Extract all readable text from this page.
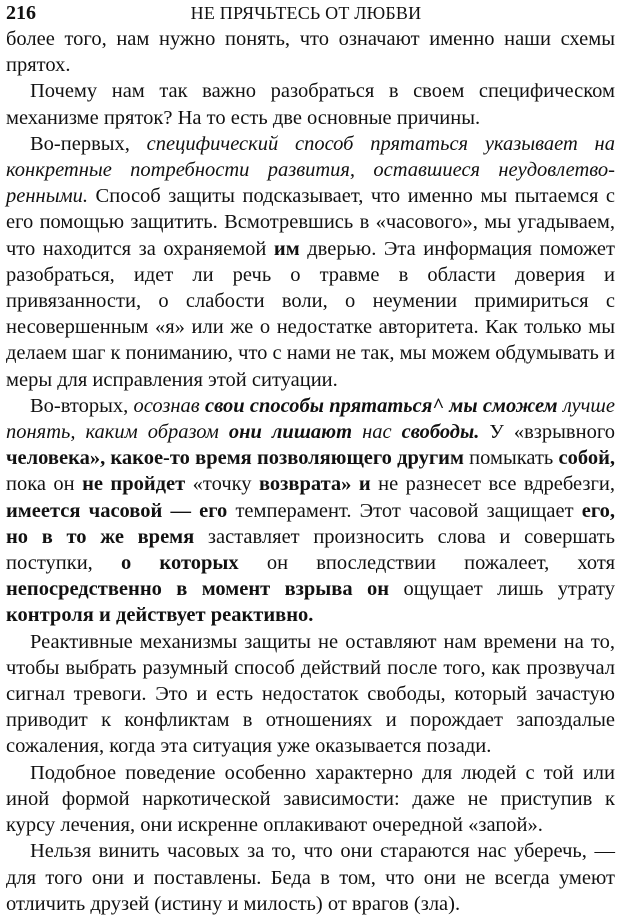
216	НЕ ПРЯЧЬТЕСЬ ОТ ЛЮБВИ

более того, нам нужно понять, что означают именно наши схемы прятох.

Почему нам так важно разобраться в своем специфическом механизме пряток? На то есть две основные причины.

Во-первых, специфический способ прятаться указывает на конкретные потребности развития, оставшиеся неудовлетво-ренными. Способ защиты подсказывает, что именно мы пытаемся с его помощью защитить. Всмотревшись в «часового», мы угадываем, что находится за охраняемой им дверью. Эта информация поможет разобраться, идет ли речь о травме в области доверия и привязанности, о слабости воли, о неумении примириться с несовершенным «я» или же о недостатке авторитета. Как только мы делаем шаг к пониманию, что с нами не так, мы можем обдумывать и меры для исправления этой ситуации.

Во-вторых, осознав свои способы прятаться^ мы сможем лучше понять, каким образом они лишают нас свободы. У «взрывного человека», какое-то время позволяющего другим помыкать собой, пока он не пройдет «точку возврата» и не разнесет все вдребезги, имеется часовой — его темперамент. Этот часовой защищает его, но в то же время заставляет произносить слова и совершать поступки, о которых он впоследствии пожалеет, хотя непосредственно в момент взрыва он ощущает лишь утрату контроля и действует реактивно.

Реактивные механизмы защиты не оставляют нам времени на то, чтобы выбрать разумный способ действий после того, как прозвучал сигнал тревоги. Это и есть недостаток свободы, который зачастую приводит к конфликтам в отношениях и порождает запоздалые сожаления, когда эта ситуация уже оказывается позади.

Подобное поведение особенно характерно для людей с той или иной формой наркотической зависимости: даже не приступив к курсу лечения, они искренне оплакивают очередной «запой».

Нельзя винить часовых за то, что они стараются нас уберечь, — для того они и поставлены. Беда в том, что они не всегда умеют отличить друзей (истину и милость) от врагов (зла).
